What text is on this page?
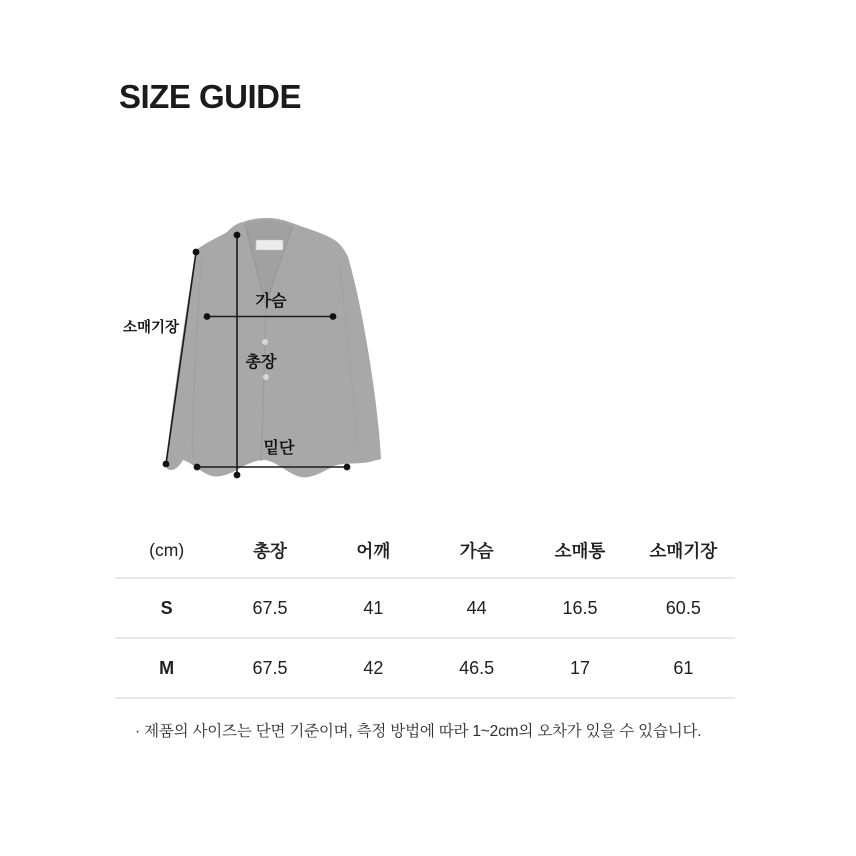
SIZE GUIDE
소매기장
가슴
총장
밑단
(cm)	총장	어깨	가슴	소매통	소매기장
S	67.5	41	44	16.5	60.5
M	67.5	42	46.5	17	61
· 제품의 사이즈는 단면 기준이며, 측정 방법에 따라 1~2cm의 오차가 있을 수 있습니다.
